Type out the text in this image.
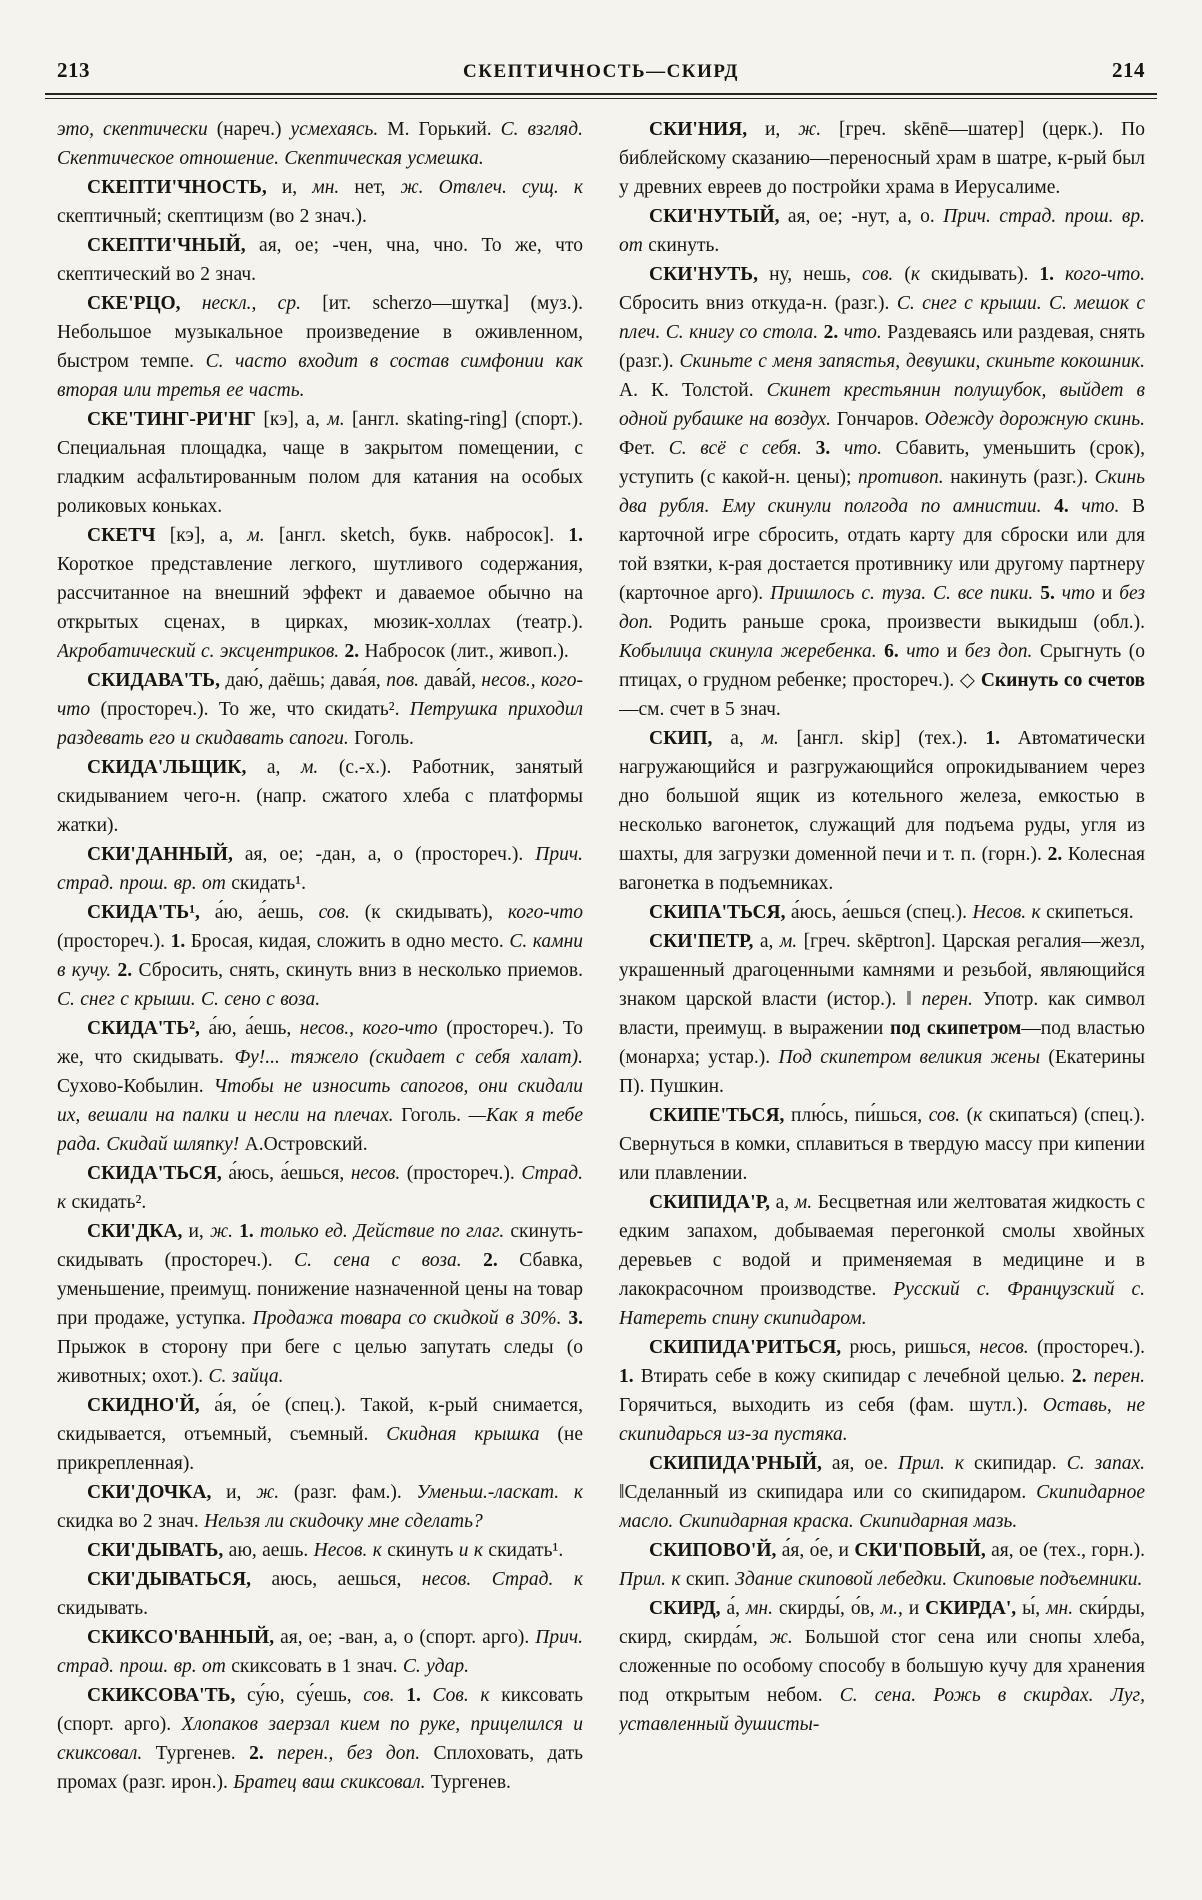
213	СКЕПТИЧНОСТЬ—СКИРД	214

это, скептически (нареч.) усмехаясь. М. Горький. С. взгляд. Скептическое отношение. Скептическая усмешка.

СКЕПТИ'ЧНОСТЬ, и, мн. нет, ж. Отвлеч. сущ. к скептичный; скептицизм (во 2 знач.).

СКЕПТИ'ЧНЫЙ, ая, ое; -чен, чна, чно. То же, что скептический во 2 знач.

СКЕ'РЦО, нескл., ср. [ит. scherzo—шутка] (муз.). Небольшое музыкальное произведение в оживленном, быстром темпе. С. часто входит в состав симфонии как вторая или третья ее часть.

СКЕ'ТИНГ-РИ'НГ [кэ], а, м. [англ. skating-ring] (спорт.). Специальная площадка, чаще в закрытом помещении, с гладким асфальтированным полом для катания на особых роликовых коньках.

СКЕТЧ [кэ], а, м. [англ. sketch, букв. набросок]. 1. Короткое представление легкого, шутливого содержания, рассчитанное на внешний эффект и даваемое обычно на открытых сценах, в цирках, мюзик-холлах (театр.). Акробатический с. эксцентриков. 2. Набросок (лит., живоп.).

СКИДАВА'ТЬ, даю́, даёшь; дава́я, пов. дава́й, несов., кого-что (просторeч.). То же, что скидать². Петрушка приходил раздевать его и скидавать сапоги. Гоголь.

СКИДА'ЛЬЩИК, а, м. (с.-х.). Работник, занятый скидыванием чего-н. (напр. сжатого хлеба с платформы жатки).

СКИ'ДАННЫЙ, ая, ое; -дан, а, о (просторeч.). Прич. страд. прош. вр. от скидать¹.

СКИДА'ТЬ¹, а́ю, а́ешь, сов. (к скидывать), кого-что (просторeч.). 1. Бросая, кидая, сложить в одно место. С. камни в кучу. 2. Сбросить, снять, скинуть вниз в несколько приемов. С. снег с крыши. С. сено с воза.

СКИДА'ТЬ², а́ю, а́ешь, несов., кого-что (просторeч.). То же, что скидывать. Фу!... тяжело (скидает с себя халат). Сухово-Кобылин. Чтобы не износить сапогов, они скидали их, вешали на палки и несли на плечах. Гоголь. —Как я тебе рада. Скидай шляпку! А.Островский.

СКИДА'ТЬСЯ, а́юсь, а́ешься, несов. (просторeч.). Страд. к скидать².

СКИ'ДКА, и, ж. 1. только ед. Действие по глаг. скинуть-скидывать (просторeч.). С. сена с воза. 2. Сбавка, уменьшение, преимущ. понижение назначенной цены на товар при продаже, уступка. Продажа товара со скидкой в 30%. 3. Прыжок в сторону при беге с целью запутать следы (о животных; охот.). С. зайца.

СКИДНО'Й, а́я, о́е (спец.). Такой, к-рый снимается, скидывается, отъемный, съемный. Скидная крышка (не прикрепленная).

СКИ'ДОЧКА, и, ж. (разг. фам.). Уменьш.-ласкат. к скидка во 2 знач. Нельзя ли скидочку мне сделать?

СКИ'ДЫВАТЬ, аю, аешь. Несов. к скинуть и к скидать¹.

СКИ'ДЫВАТЬСЯ, аюсь, аешься, несов. Страд. к скидывать.

СКИКСО'ВАННЫЙ, ая, ое; -ван, а, о (спорт. арго). Прич. страд. прош. вр. от скиксовать в 1 знач. С. удар.

СКИКСОВА'ТЬ, су́ю, су́ешь, сов. 1. Сов. к киксовать (спорт. арго). Хлопаков заерзал кием по руке, прицелился и скиксовал. Тургенев. 2. перен., без доп. Сплоховать, дать промах (разг. ирон.). Братец ваш скиксовал. Тургенев.

СКИ'НИЯ, и, ж. [греч. skēnē—шатер] (церк.). По библейскому сказанию—переносный храм в шатре, к-рый был у древних евреев до постройки храма в Иерусалиме.

СКИ'НУТЫЙ, ая, ое; -нут, а, о. Прич. страд. прош. вр. от скинуть.

СКИ'НУТЬ, ну, нешь, сов. (к скидывать). 1. кого-что. Сбросить вниз откуда-н. (разг.). С. снег с крыши. С. мешок с плеч. С. книгу со стола. 2. что. Раздеваясь или раздевая, снять (разг.). Скиньте с меня запястья, девушки, скиньте кокошник. А. К. Толстой. Скинет крестьянин полушубок, выйдет в одной рубашке на воздух. Гончаров. Одежду дорожную скинь. Фет. С. всё с себя. 3. что. Сбавить, уменьшить (срок), уступить (с какой-н. цены); противоп. накинуть (разг.). Скинь два рубля. Ему скинули полгода по амнистии. 4. что. В карточной игре сбросить, отдать карту для сброски или для той взятки, к-рая достается противнику или другому партнеру (карточное арго). Пришлось с. туза. С. все пики. 5. что и без доп. Родить раньше срока, произвести выкидыш (обл.). Кобылица скинула жеребенка. 6. что и без доп. Срыгнуть (о птицах, о грудном ребенке; просторeч.). ◇ Скинуть со счетов—см. счет в 5 знач.

СКИП, а, м. [англ. skip] (тех.). 1. Автоматически нагружающийся и разгружающийся опрокидыванием через дно большой ящик из котельного железа, емкостью в несколько вагонеток, служащий для подъема руды, угля из шахты, для загрузки доменной печи и т. п. (горн.). 2. Колесная вагонетка в подъемниках.

СКИПА'ТЬСЯ, а́юсь, а́ешься (спец.). Несов. к скипеться.

СКИ'ПЕТР, а, м. [греч. skēptron]. Царская регалия—жезл, украшенный драгоценными камнями и резьбой, являющийся знаком царской власти (истор.). ‖ перен. Употр. как символ власти, преимущ. в выражении под скипетром—под властью (монарха; устар.). Под скипетром великия жены (Екатерины П). Пушкин.

СКИПЕ'ТЬСЯ, плю́сь, пи́шься, сов. (к скипаться) (спец.). Свернуться в комки, сплавиться в твердую массу при кипении или плавлении.

СКИПИДА'Р, а, м. Бесцветная или желтоватая жидкость с едким запахом, добываемая перегонкой смолы хвойных деревьев с водой и применяемая в медицине и в лакокрасочном производстве. Русский с. Французский с. Натереть спину скипидаром.

СКИПИДА'РИТЬСЯ, рюсь, ришься, несов. (просторeч.). 1. Втирать себе в кожу скипидар с лечебной целью. 2. перен. Горячиться, выходить из себя (фам. шутл.). Оставь, не скипидарься из-за пустяка.

СКИПИДА'РНЫЙ, ая, ое. Прил. к скипидар. С. запах. ‖Сделанный из скипидара или со скипидаром. Скипидарное масло. Скипидарная краска. Скипидарная мазь.

СКИПОВО'Й, а́я, о́е, и СКИ'ПОВЫЙ, ая, ое (тех., горн.). Прил. к скип. Здание скиповой лебедки. Скиповые подъемники.

СКИРД, а́, мн. скирды́, о́в, м., и СКИРДА', ы́, мн. ски́рды, скирд, скирда́м, ж. Большой стог сена или снопы хлеба, сложенные по особому способу в большую кучу для хранения под открытым небом. С. сена. Рожь в скирдах. Луг, уставленный душисты-
